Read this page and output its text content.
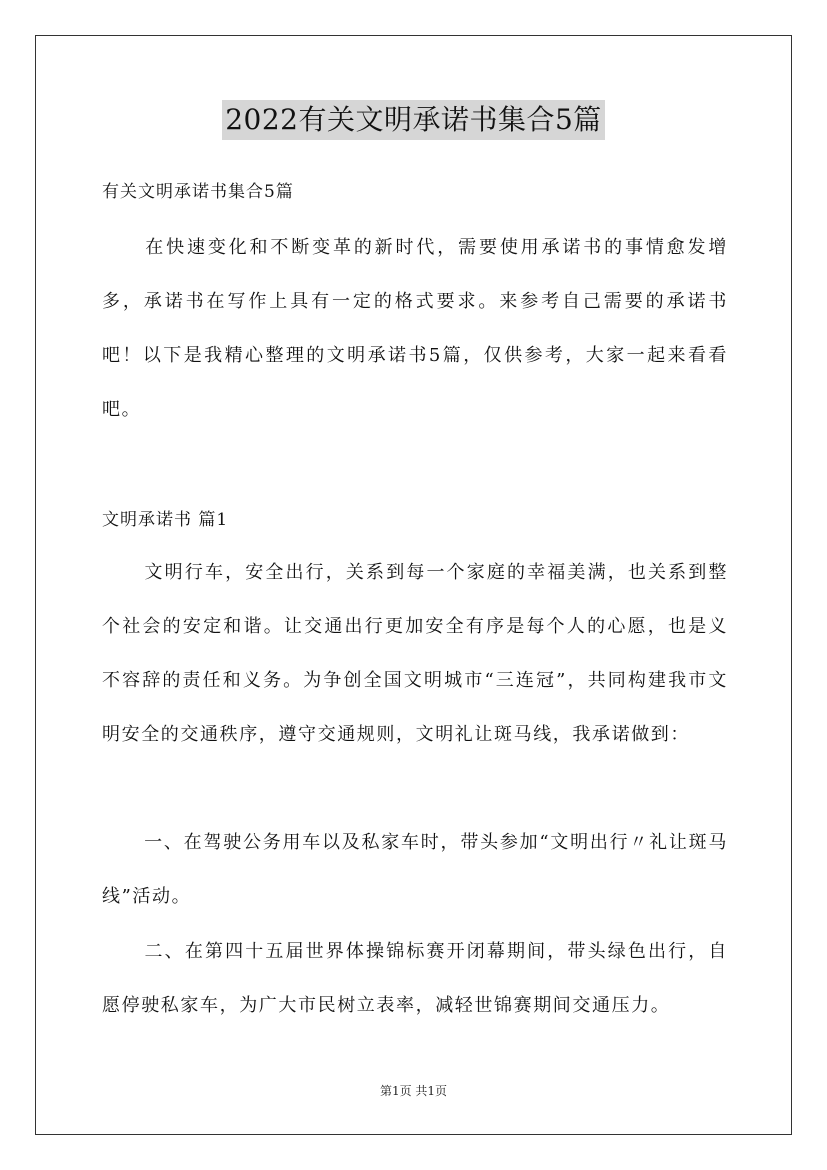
2022有关文明承诺书集合5篇
有关文明承诺书集合5篇
在快速变化和不断变革的新时代，需要使用承诺书的事情愈发增多，承诺书在写作上具有一定的格式要求。来参考自己需要的承诺书吧！以下是我精心整理的文明承诺书5篇，仅供参考，大家一起来看看吧。
文明承诺书 篇1
文明行车，安全出行，关系到每一个家庭的幸福美满，也关系到整个社会的安定和谐。让交通出行更加安全有序是每个人的心愿，也是义不容辞的责任和义务。为争创全国文明城市“三连冠”，共同构建我市文明安全的交通秩序，遵守交通规则，文明礼让斑马线，我承诺做到：
一、在驾驶公务用车以及私家车时，带头参加“文明出行〃礼让斑马线”活动。
二、在第四十五届世界体操锦标赛开闭幕期间，带头绿色出行，自愿停驶私家车，为广大市民树立表率，减轻世锦赛期间交通压力。
第1页 共1页
